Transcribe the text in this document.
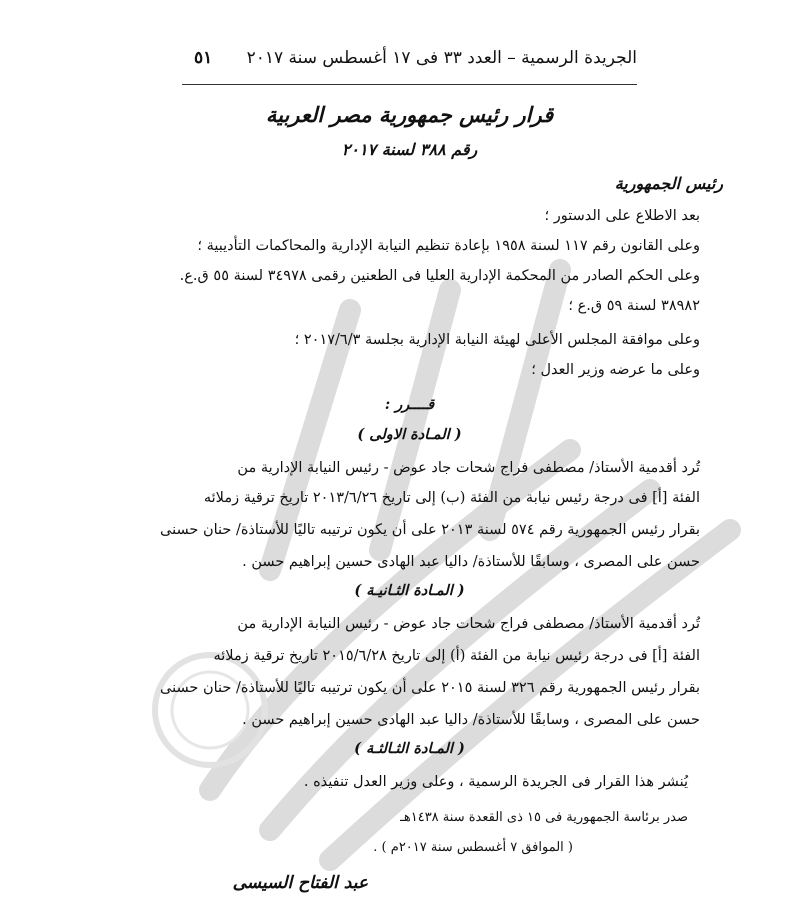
الجريدة الرسمية – العدد ٣٣ فى ١٧ أغسطس سنة ٢٠١٧
٥١
قرار رئيس جمهورية مصر العربية
رقم ٣٨٨ لسنة ٢٠١٧
رئيس الجمهورية
بعد الاطلاع على الدستور ؛
وعلى القانون رقم ١١٧ لسنة ١٩٥٨ بإعادة تنظيم النيابة الإدارية والمحاكمات التأديبية ؛
وعلى الحكم الصادر من المحكمة الإدارية العليا فى الطعنين رقمى ٣٤٩٧٨ لسنة ٥٥ ق.ع.
٣٨٩٨٢ لسنة ٥٩ ق.ع ؛
وعلى موافقة المجلس الأعلى لهيئة النيابة الإدارية بجلسة ٢٠١٧/٦/٣ ؛
وعلى ما عرضه وزير العدل ؛
قــــرر :
( المـادة الاولى )
تُرد أقدمية الأستاذ/ مصطفى فراج شحات جاد عوض - رئيس النيابة الإدارية من
الفئة [أ] فى درجة رئيس نيابة من الفئة (ب) إلى تاريخ ٢٠١٣/٦/٢٦ تاريخ ترقية زملائه
بقرار رئيس الجمهورية رقم ٥٧٤ لسنة ٢٠١٣ على أن يكون ترتيبه تاليًا للأستاذة/ حنان حسنى
حسن على المصرى ، وسابقًا للأستاذة/ داليا عبد الهادى حسين إبراهيم حسن .
( المـادة الثـانيـة )
تُرد أقدمية الأستاذ/ مصطفى فراج شحات جاد عوض - رئيس النيابة الإدارية من
الفئة [أ] فى درجة رئيس نيابة من الفئة (أ) إلى تاريخ ٢٠١٥/٦/٢٨ تاريخ ترقية زملائه
بقرار رئيس الجمهورية رقم ٣٢٦ لسنة ٢٠١٥ على أن يكون ترتيبه تاليًا للأستاذة/ حنان حسنى
حسن على المصرى ، وسابقًا للأستاذة/ داليا عبد الهادى حسين إبراهيم حسن .
( المـادة الثـالثـة )
يُنشر هذا القرار فى الجريدة الرسمية ، وعلى وزير العدل تنفيذه .
صدر برئاسة الجمهورية فى ١٥ ذى القعدة سنة ١٤٣٨هـ
( الموافق ٧ أغسطس سنة ٢٠١٧م ) .
عبد الفتاح السيسى
